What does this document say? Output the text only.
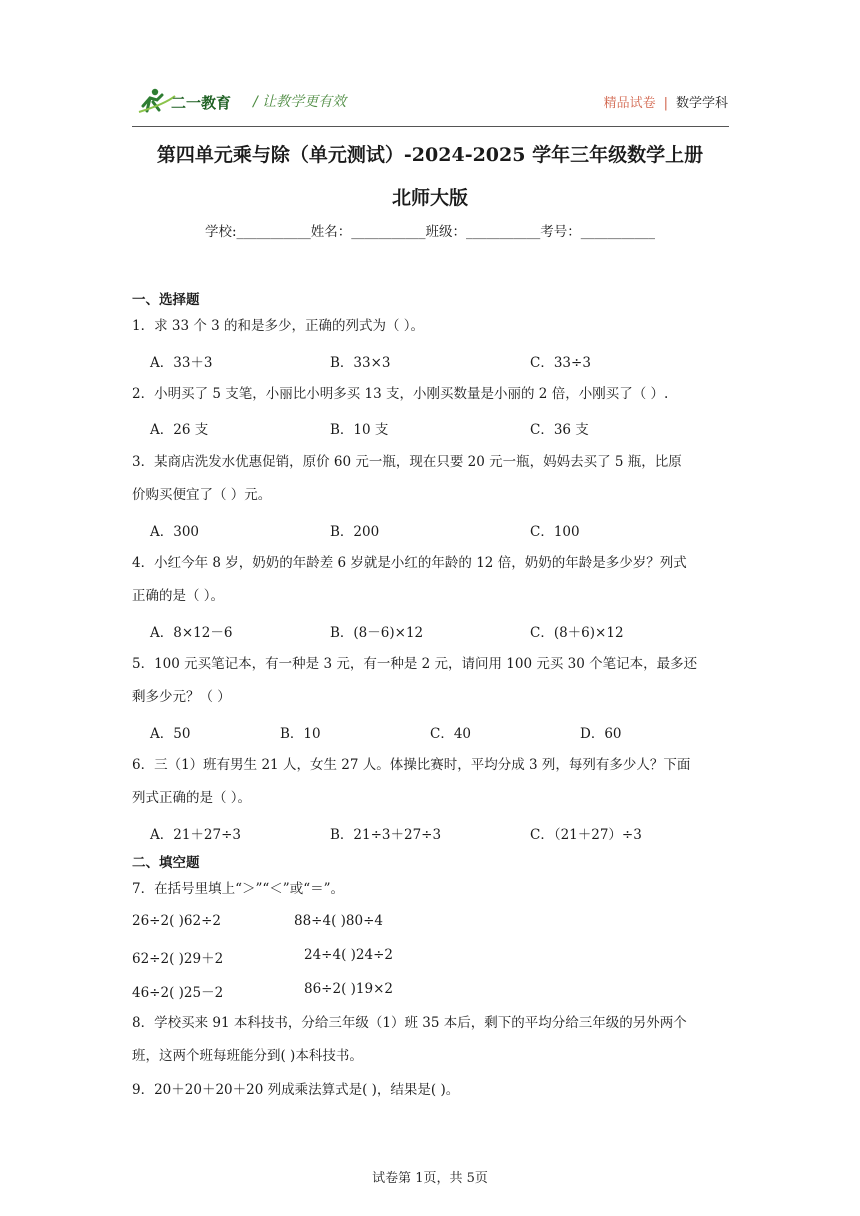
二一教育 / 让教学更有效	精品试卷 | 数学学科
第四单元乘与除（单元测试）-2024-2025 学年三年级数学上册
北师大版
学校:___________姓名：___________班级：___________考号：___________
一、选择题
1．求 33 个 3 的和是多少，正确的列式为（ ）。
A．33＋3	B．33×3	C．33÷3
2．小明买了 5 支笔，小丽比小明多买 13 支，小刚买数量是小丽的 2 倍，小刚买了（ ）.
A．26 支	B．10 支	C．36 支
3．某商店洗发水优惠促销，原价 60 元一瓶，现在只要 20 元一瓶，妈妈去买了 5 瓶，比原
价购买便宜了（ ）元。
A．300	B．200	C．100
4．小红今年 8 岁，奶奶的年龄差 6 岁就是小红的年龄的 12 倍，奶奶的年龄是多少岁？列式
正确的是（ ）。
A．8×12－6	B．(8－6)×12	C．(8＋6)×12
5．100 元买笔记本，有一种是 3 元，有一种是 2 元，请问用 100 元买 30 个笔记本，最多还
剩多少元？（ ）
A．50	B．10	C．40	D．60
6．三（1）班有男生 21 人，女生 27 人。体操比赛时，平均分成 3 列，每列有多少人？下面
列式正确的是（ ）。
A．21＋27÷3	B．21÷3＋27÷3	C．（21＋27）÷3
二、填空题
7．在括号里填上“＞”“＜”或“＝”。
26÷2( )62÷2	88÷4( )80÷4
62÷2( )29＋2	24÷4( )24÷2
46÷2( )25－2	86÷2( )19×2
8．学校买来 91 本科技书，分给三年级（1）班 35 本后，剩下的平均分给三年级的另外两个
班，这两个班每班能分到( )本科技书。
9．20＋20＋20＋20 列成乘法算式是( )，结果是( )。
试卷第 1页，共 5页
